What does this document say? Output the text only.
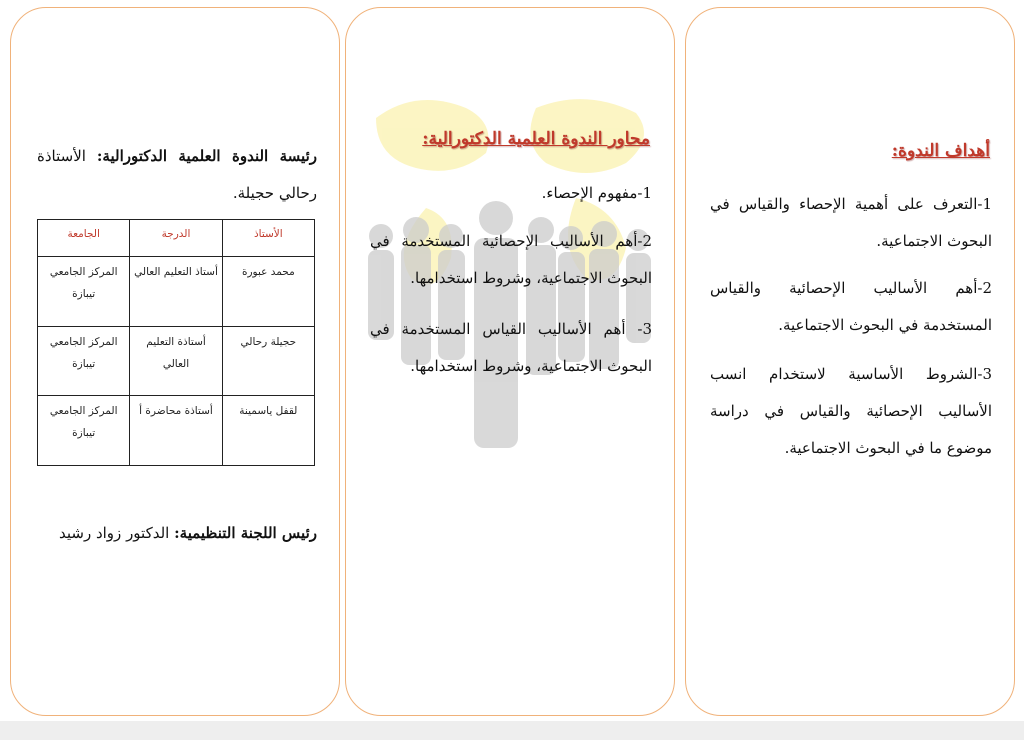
رئيسة الندوة العلمية الدكتورالية: الأستاذة رحالي حجيلة.
الأستاذ	الدرجة	الجامعة
محمد عبورة	أستاذ التعليم العالي	المركز الجامعي تيبازة
حجيلة رحالي	أستاذة التعليم العالي	المركز الجامعي تيبازة
لقفل ياسمينة	أستاذة محاضرة أ	المركز الجامعي تيبازة
رئيس اللجنة التنظيمية: الدكتور زواد رشيد
محاور الندوة العلمية الدكتورالية:
1-مفهوم الإحصاء.
2-أهم الأساليب الإحصائية المستخدمة في البحوث الاجتماعية، وشروط استخدامها.
3- أهم الأساليب القياس المستخدمة في البحوث الاجتماعية، وشروط استخدامها.
أهداف الندوة:
1-التعرف على أهمية الإحصاء والقياس في البحوث الاجتماعية.
2-أهم الأساليب الإحصائية والقياس المستخدمة في البحوث الاجتماعية.
3-الشروط الأساسية لاستخدام انسب الأساليب الإحصائية والقياس في دراسة موضوع ما في البحوث الاجتماعية.
